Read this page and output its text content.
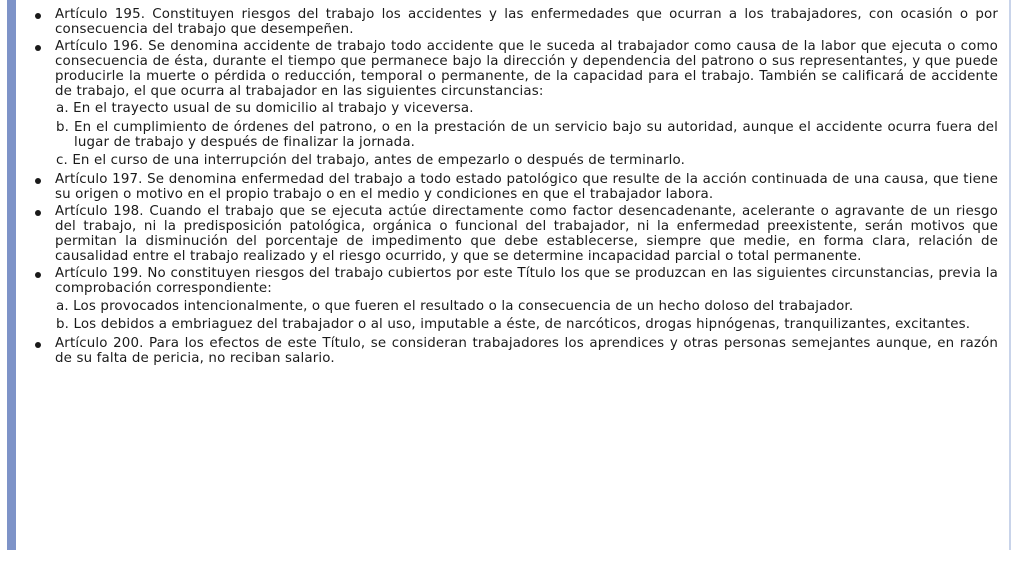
Artículo 195. Constituyen riesgos del trabajo los accidentes y las enfermedades que ocurran a los trabajadores, con ocasión o por consecuencia del trabajo que desempeñen.
Artículo 196. Se denomina accidente de trabajo todo accidente que le suceda al trabajador como causa de la labor que ejecuta o como consecuencia de ésta, durante el tiempo que permanece bajo la dirección y dependencia del patrono o sus representantes, y que puede producirle la muerte o pérdida o reducción, temporal o permanente, de la capacidad para el trabajo. También se calificará de accidente de trabajo, el que ocurra al trabajador en las siguientes circunstancias:
a. En el trayecto usual de su domicilio al trabajo y viceversa.
b. En el cumplimiento de órdenes del patrono, o en la prestación de un servicio bajo su autoridad, aunque el accidente ocurra fuera del lugar de trabajo y después de finalizar la jornada.
c. En el curso de una interrupción del trabajo, antes de empezarlo o después de terminarlo.
Artículo 197. Se denomina enfermedad del trabajo a todo estado patológico que resulte de la acción continuada de una causa, que tiene su origen o motivo en el propio trabajo o en el medio y condiciones en que el trabajador labora.
Artículo 198. Cuando el trabajo que se ejecuta actúe directamente como factor desencadenante, acelerante o agravante de un riesgo del trabajo, ni la predisposición patológica, orgánica o funcional del trabajador, ni la enfermedad preexistente, serán motivos que permitan la disminución del porcentaje de impedimento que debe establecerse, siempre que medie, en forma clara, relación de causalidad entre el trabajo realizado y el riesgo ocurrido, y que se determine incapacidad parcial o total permanente.
Artículo 199. No constituyen riesgos del trabajo cubiertos por este Título los que se produzcan en las siguientes circunstancias, previa la comprobación correspondiente:
a. Los provocados intencionalmente, o que fueren el resultado o la consecuencia de un hecho doloso del trabajador.
b. Los debidos a embriaguez del trabajador o al uso, imputable a éste, de narcóticos, drogas hipnógenas, tranquilizantes, excitantes.
Artículo 200. Para los efectos de este Título, se consideran trabajadores los aprendices y otras personas semejantes aunque, en razón de su falta de pericia, no reciban salario.
